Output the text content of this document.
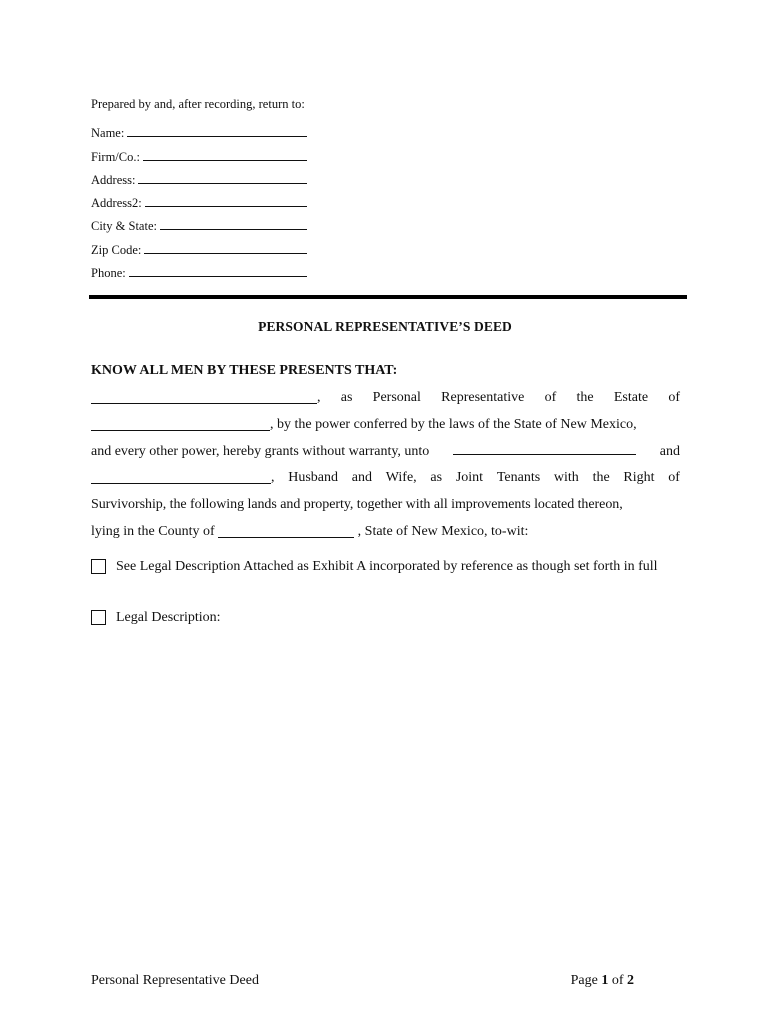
Prepared by and, after recording, return to:
Name:
Firm/Co.:
Address:
Address2:
City & State:
Zip Code:
Phone:
PERSONAL REPRESENTATIVE’S DEED
KNOW ALL MEN BY THESE PRESENTS THAT:
, as Personal Representative of the Estate of
, by the power conferred by the laws of the State of New Mexico,
and every other power, hereby grants without warranty, unto	and
, Husband and Wife, as Joint Tenants with the Right of
Survivorship, the following lands and property, together with all improvements located thereon,
lying in the County of	, State of New Mexico, to-wit:
See Legal Description Attached as Exhibit A incorporated by reference as though set forth in full
Legal Description:
Personal Representative Deed	Page 1 of 2
